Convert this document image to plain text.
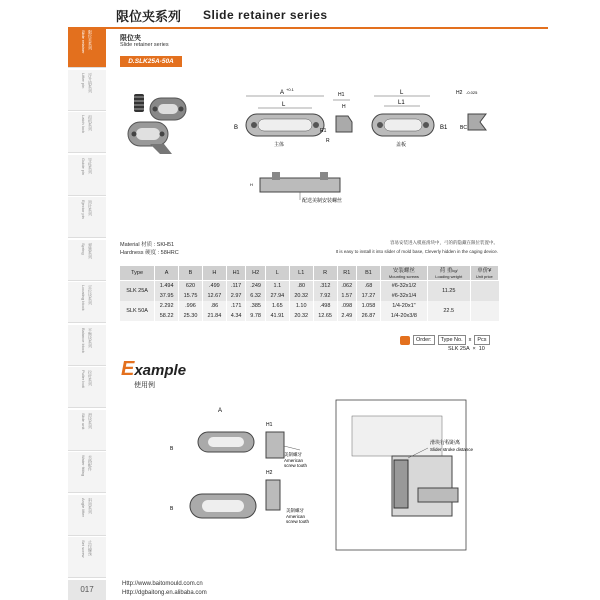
限位夹系列 Slide retainer series
Slide retainer 限位夹系列
Lifter pin 浮升销系列
Latch lock 扣机系列
Guide pin 导柱系列
Ejector pin 顶针系列
Spring 弹簧系列
Locating block 定位块系列
Balance block 平衡块系列
Puller bolt 拉杆系列
Slide unit 滑块系列
Water fitting 水路配件
Angle lifter 斜顶系列
Set screw 止付螺丝
限位夹
Slide retainer series
D.SLK25A-50A
A
+0.1
L
B
主体
R
R1
H1
H
L
L1
B1
盖板
H2 -0.025
BC
H
配送美制安装螺丝
Material 材质 : SKH51
Hardness 硬度 : 58HRC
容易安装进入模座滑块中，弓的的隐藏在限位装置中。
It is easy to install it into slider of mold base, Cleverly hidden in the caging device.
Type	A	B	H	H1	H2	L	L1	R	R1	B1	安装螺丝
Mounting screws	荷 重kg/
Loading weight	单价¥
Unit price
SLK 25A	1.494	620	.499	.117	.249	1.1	.80	.312	.062	.68	#6-32x1/2	11.25	
	37.95	15.75	12.67	2.97	6.32	27.94	20.32	7.92	1.57	17.27	#6-32x1/4		
SLK 50A	2.292	.996	.86	.171	.385	1.65	1.10	.498	.098	1.058	1/4-20x1"	22.5	
	58.22	25.30	21.84	4.34	9.78	41.91	20.32	12.65	2.49	26.87	1/4-20x3/8		
Order:	Type No.	x	Pcs
SLK 25A  ×  10
Example
使用例
A
B
H1
美制螺牙
American
screw tooth
B
H2
美制螺牙
American
screw tooth
滑块行程距离
Slider stroke distance
017
Http://www.baitomould.com.cn
Http://dgbaitong.en.alibaba.com
